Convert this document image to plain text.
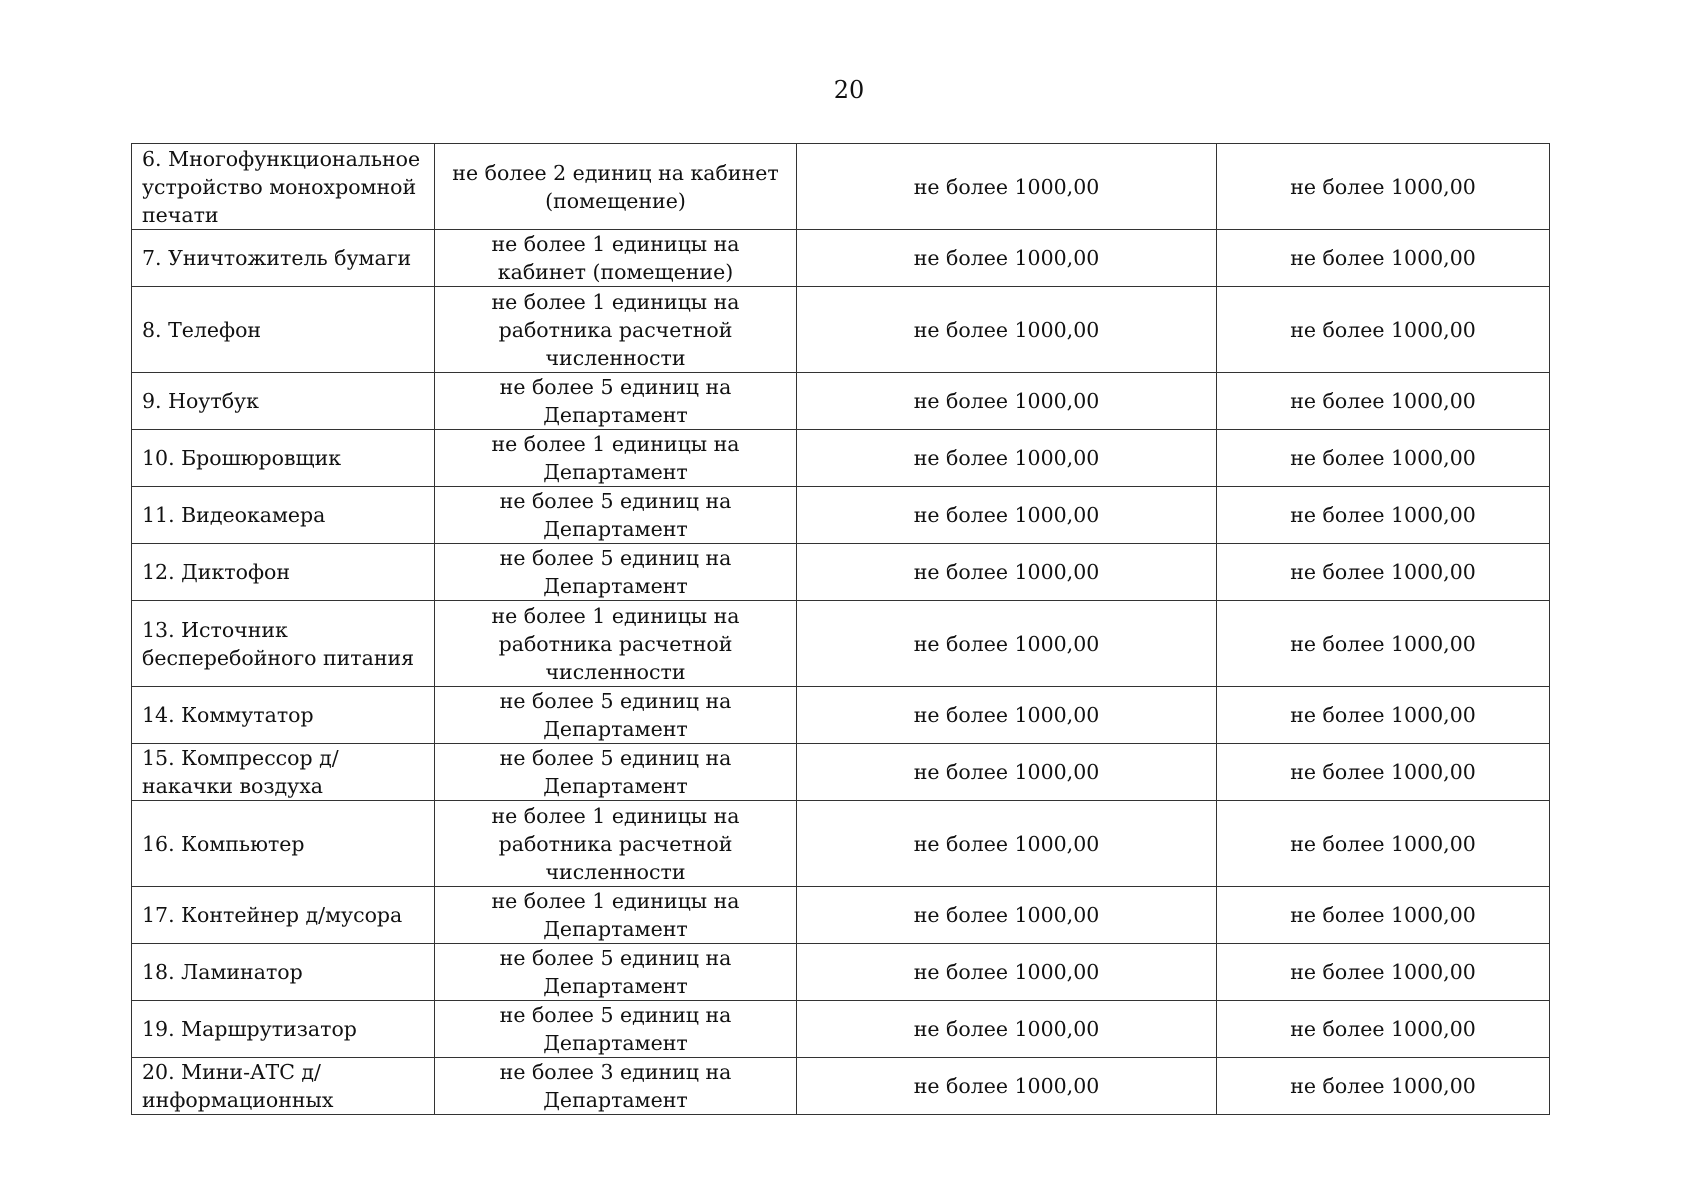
20
6. Многофункциональное устройство монохромной печати	не более 2 единиц на кабинет (помещение)	не более 1000,00	не более 1000,00
7. Уничтожитель бумаги	не более 1 единицы на кабинет (помещение)	не более 1000,00	не более 1000,00
8. Телефон	не более 1 единицы на работника расчетной численности	не более 1000,00	не более 1000,00
9. Ноутбук	не более 5 единиц на Департамент	не более 1000,00	не более 1000,00
10. Брошюровщик	не более 1 единицы на Департамент	не более 1000,00	не более 1000,00
11. Видеокамера	не более 5 единиц на Департамент	не более 1000,00	не более 1000,00
12. Диктофон	не более 5 единиц на Департамент	не более 1000,00	не более 1000,00
13. Источник бесперебойного питания	не более 1 единицы на работника расчетной численности	не более 1000,00	не более 1000,00
14. Коммутатор	не более 5 единиц на Департамент	не более 1000,00	не более 1000,00
15. Компрессор д/накачки воздуха	не более 5 единиц на Департамент	не более 1000,00	не более 1000,00
16. Компьютер	не более 1 единицы на работника расчетной численности	не более 1000,00	не более 1000,00
17. Контейнер д/мусора	не более 1 единицы на Департамент	не более 1000,00	не более 1000,00
18. Ламинатор	не более 5 единиц на Департамент	не более 1000,00	не более 1000,00
19. Маршрутизатор	не более 5 единиц на Департамент	не более 1000,00	не более 1000,00
20. Мини-АТС д/информационных	не более 3 единиц на Департамент	не более 1000,00	не более 1000,00
